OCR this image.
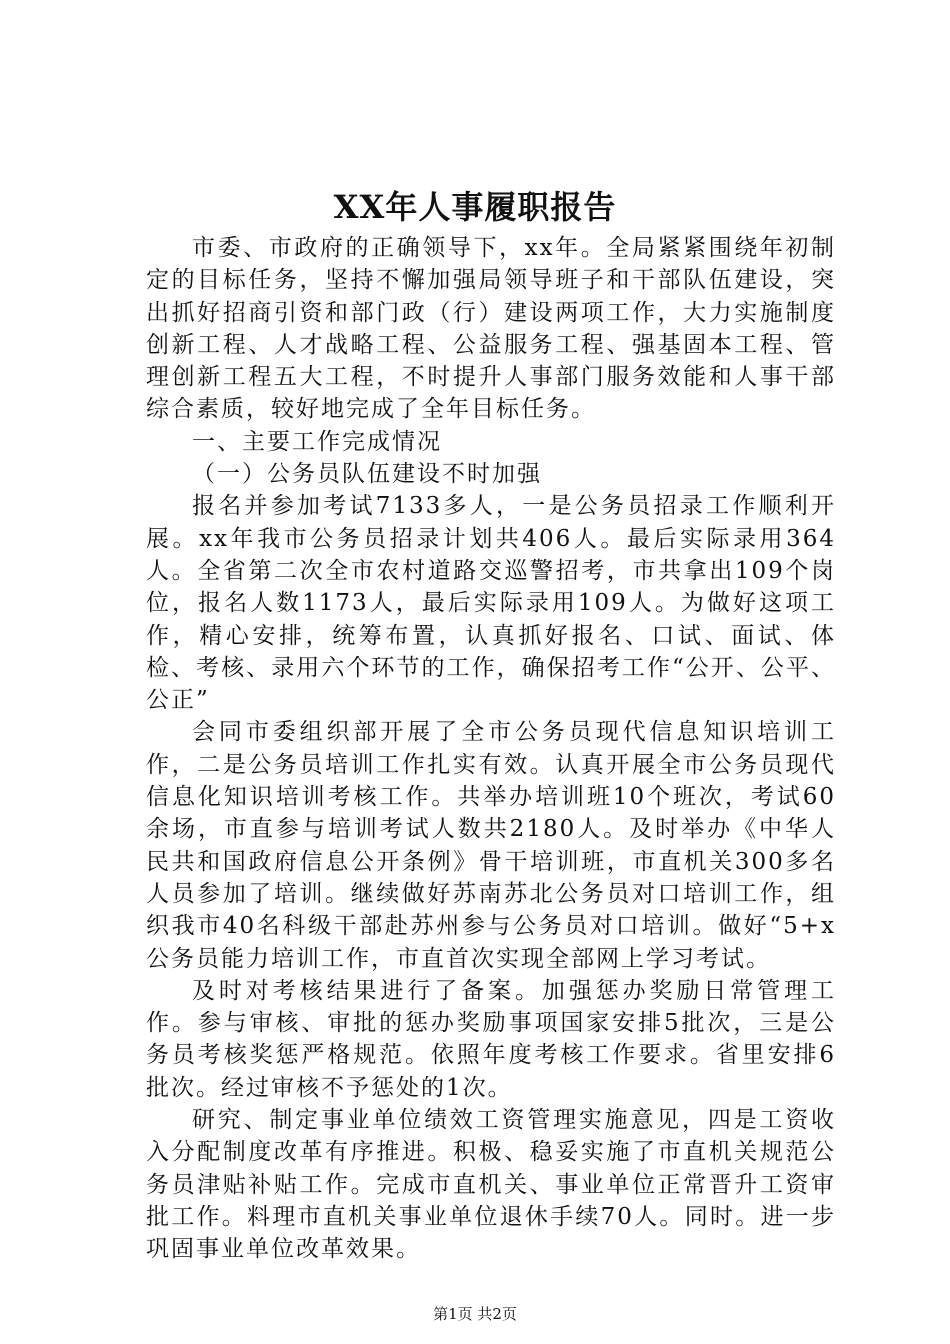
XX年人事履职报告

市委、市政府的正确领导下，xx年。全局紧紧围绕年初制定的目标任务，坚持不懈加强局领导班子和干部队伍建设，突出抓好招商引资和部门政（行）建设两项工作，大力实施制度创新工程、人才战略工程、公益服务工程、强基固本工程、管理创新工程五大工程，不时提升人事部门服务效能和人事干部综合素质，较好地完成了全年目标任务。

一、主要工作完成情况

（一）公务员队伍建设不时加强

报名并参加考试7133多人，一是公务员招录工作顺利开展。xx年我市公务员招录计划共406人。最后实际录用364人。全省第二次全市农村道路交巡警招考，市共拿出109个岗位，报名人数1173人，最后实际录用109人。为做好这项工作，精心安排，统筹布置，认真抓好报名、口试、面试、体检、考核、录用六个环节的工作，确保招考工作“公开、公平、公正”

会同市委组织部开展了全市公务员现代信息知识培训工作，二是公务员培训工作扎实有效。认真开展全市公务员现代信息化知识培训考核工作。共举办培训班10个班次，考试60余场，市直参与培训考试人数共2180人。及时举办《中华人民共和国政府信息公开条例》骨干培训班，市直机关300多名人员参加了培训。继续做好苏南苏北公务员对口培训工作，组织我市40名科级干部赴苏州参与公务员对口培训。做好“5+x公务员能力培训工作，市直首次实现全部网上学习考试。

及时对考核结果进行了备案。加强惩办奖励日常管理工作。参与审核、审批的惩办奖励事项国家安排5批次，三是公务员考核奖惩严格规范。依照年度考核工作要求。省里安排6批次。经过审核不予惩处的1次。

研究、制定事业单位绩效工资管理实施意见，四是工资收入分配制度改革有序推进。积极、稳妥实施了市直机关规范公务员津贴补贴工作。完成市直机关、事业单位正常晋升工资审批工作。料理市直机关事业单位退休手续70人。同时。进一步巩固事业单位改革效果。

第1页 共2页
